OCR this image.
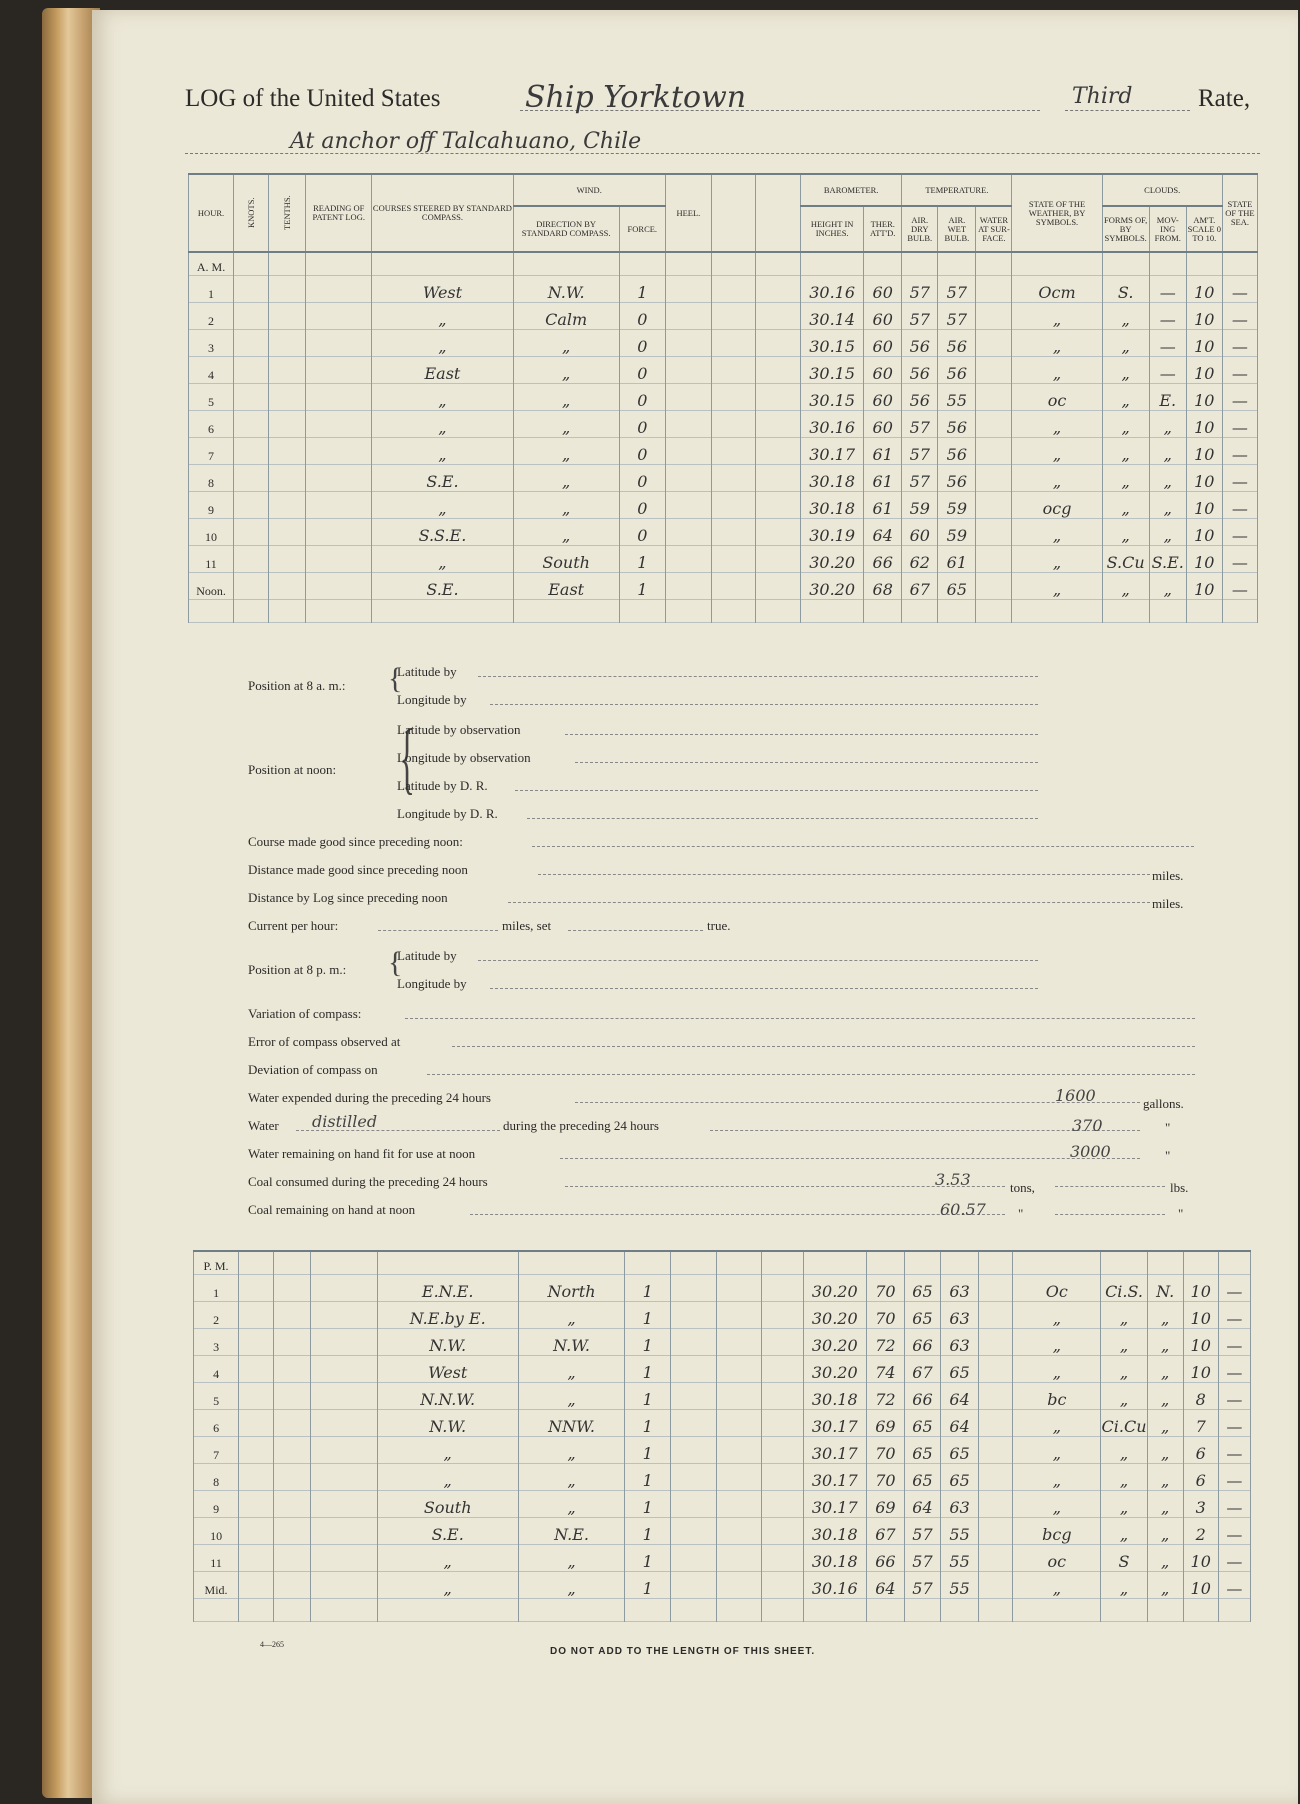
LOG of the United States	Ship Yorktown	Third	Rate,
At anchor off Talcahuano, Chile
HOUR.	KNOTS.	TENTHS.	READING OF PATENT LOG.	COURSES STEERED BY STANDARD COMPASS.	WIND.		HEEL.			BAROMETER.		TEMPERATURE.			STATE OF THE WEATHER, BY SYMBOLS.	CLOUDS.			STATE OF THE SEA.
					DIRECTION BY STANDARD COMPASS.	FORCE.				HEIGHT IN INCHES.	THER. ATT'D.	AIR. DRY BULB.	AIR. WET BULB.	WATER AT SUR-FACE.		FORMS OF, BY SYMBOLS.	MOV-ING FROM.	AM'T. SCALE 0 TO 10.	
A. M.																			
1				West	N.W.	1				30.16	60	57	57		Ocm	S.	—	10	—
2				„	Calm	0				30.14	60	57	57		„	„	—	10	—
3				„	„	0				30.15	60	56	56		„	„	—	10	—
4				East	„	0				30.15	60	56	56		„	„	—	10	—
5				„	„	0				30.15	60	56	55		oc	„	E.	10	—
6				„	„	0				30.16	60	57	56		„	„	„	10	—
7				„	„	0				30.17	61	57	56		„	„	„	10	—
8				S.E.	„	0				30.18	61	57	56		„	„	„	10	—
9				„	„	0				30.18	61	59	59		ocg	„	„	10	—
10				S.S.E.	„	0				30.19	64	60	59		„	„	„	10	—
11				„	South	1				30.20	66	62	61		„	S.Cu	S.E.	10	—
Noon.				S.E.	East	1				30.20	68	67	65		„	„	„	10	—

Position at 8 a. m.: {
Latitude by
Longitude by
Position at noon: {
Latitude by observation
Longitude by observation
Latitude by D. R.
Longitude by D. R.
Course made good since preceding noon:
Distance made good since preceding noon	miles.
Distance by Log since preceding noon	miles.
Current per hour:	miles, set	true.
Position at 8 p. m.: {
Latitude by
Longitude by
Variation of compass:
Error of compass observed at
Deviation of compass on
Water expended during the preceding 24 hours	1600	gallons.
Water distilled	during the preceding 24 hours	370	"
Water remaining on hand fit for use at noon	3000	"
Coal consumed during the preceding 24 hours	3.53	tons,	lbs.
Coal remaining on hand at noon	60.57 "	"
P. M.																			
1				E.N.E.	North	1				30.20	70	65	63		Oc	Ci.S.	N.	10	—
2				N.E.by E.	„	1				30.20	70	65	63		„	„	„	10	—
3				N.W.	N.W.	1				30.20	72	66	63		„	„	„	10	—
4				West	„	1				30.20	74	67	65		„	„	„	10	—
5				N.N.W.	„	1				30.18	72	66	64		bc	„	„	8	—
6				N.W.	NNW.	1				30.17	69	65	64		„	Ci.Cu	„	7	—
7				„	„	1				30.17	70	65	65		„	„	„	6	—
8				„	„	1				30.17	70	65	65		„	„	„	6	—
9				South	„	1				30.17	69	64	63		„	„	„	3	—
10				S.E.	N.E.	1				30.18	67	57	55		bcg	„	„	2	—
11				„	„	1				30.18	66	57	55		oc	S	„	10	—
Mid.				„	„	1				30.16	64	57	55		„	„	„	10	—

4—265
DO NOT ADD TO THE LENGTH OF THIS SHEET.
